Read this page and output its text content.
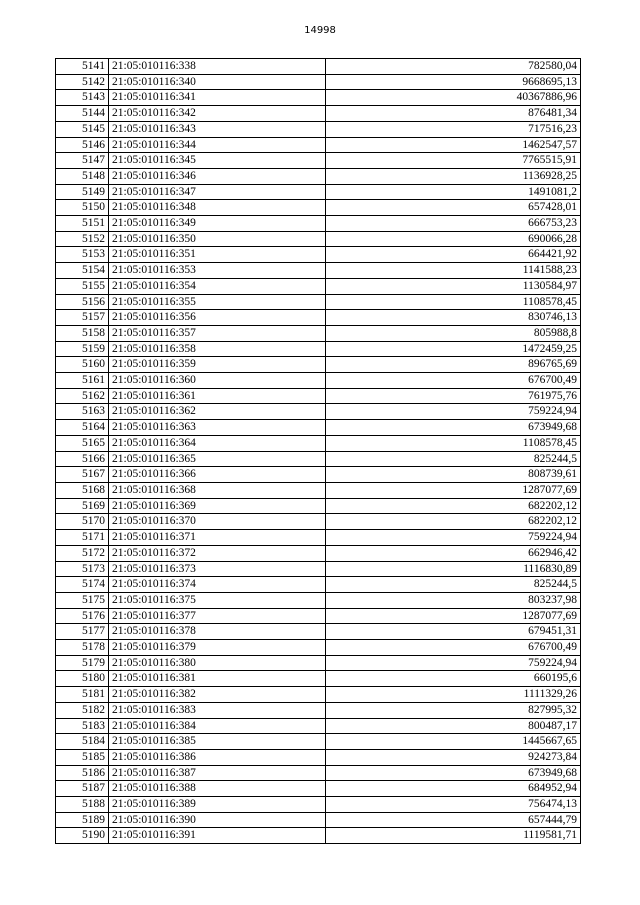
14998
5141	21:05:010116:338	782580,04
5142	21:05:010116:340	9668695,13
5143	21:05:010116:341	40367886,96
5144	21:05:010116:342	876481,34
5145	21:05:010116:343	717516,23
5146	21:05:010116:344	1462547,57
5147	21:05:010116:345	7765515,91
5148	21:05:010116:346	1136928,25
5149	21:05:010116:347	1491081,2
5150	21:05:010116:348	657428,01
5151	21:05:010116:349	666753,23
5152	21:05:010116:350	690066,28
5153	21:05:010116:351	664421,92
5154	21:05:010116:353	1141588,23
5155	21:05:010116:354	1130584,97
5156	21:05:010116:355	1108578,45
5157	21:05:010116:356	830746,13
5158	21:05:010116:357	805988,8
5159	21:05:010116:358	1472459,25
5160	21:05:010116:359	896765,69
5161	21:05:010116:360	676700,49
5162	21:05:010116:361	761975,76
5163	21:05:010116:362	759224,94
5164	21:05:010116:363	673949,68
5165	21:05:010116:364	1108578,45
5166	21:05:010116:365	825244,5
5167	21:05:010116:366	808739,61
5168	21:05:010116:368	1287077,69
5169	21:05:010116:369	682202,12
5170	21:05:010116:370	682202,12
5171	21:05:010116:371	759224,94
5172	21:05:010116:372	662946,42
5173	21:05:010116:373	1116830,89
5174	21:05:010116:374	825244,5
5175	21:05:010116:375	803237,98
5176	21:05:010116:377	1287077,69
5177	21:05:010116:378	679451,31
5178	21:05:010116:379	676700,49
5179	21:05:010116:380	759224,94
5180	21:05:010116:381	660195,6
5181	21:05:010116:382	1111329,26
5182	21:05:010116:383	827995,32
5183	21:05:010116:384	800487,17
5184	21:05:010116:385	1445667,65
5185	21:05:010116:386	924273,84
5186	21:05:010116:387	673949,68
5187	21:05:010116:388	684952,94
5188	21:05:010116:389	756474,13
5189	21:05:010116:390	657444,79
5190	21:05:010116:391	1119581,71
